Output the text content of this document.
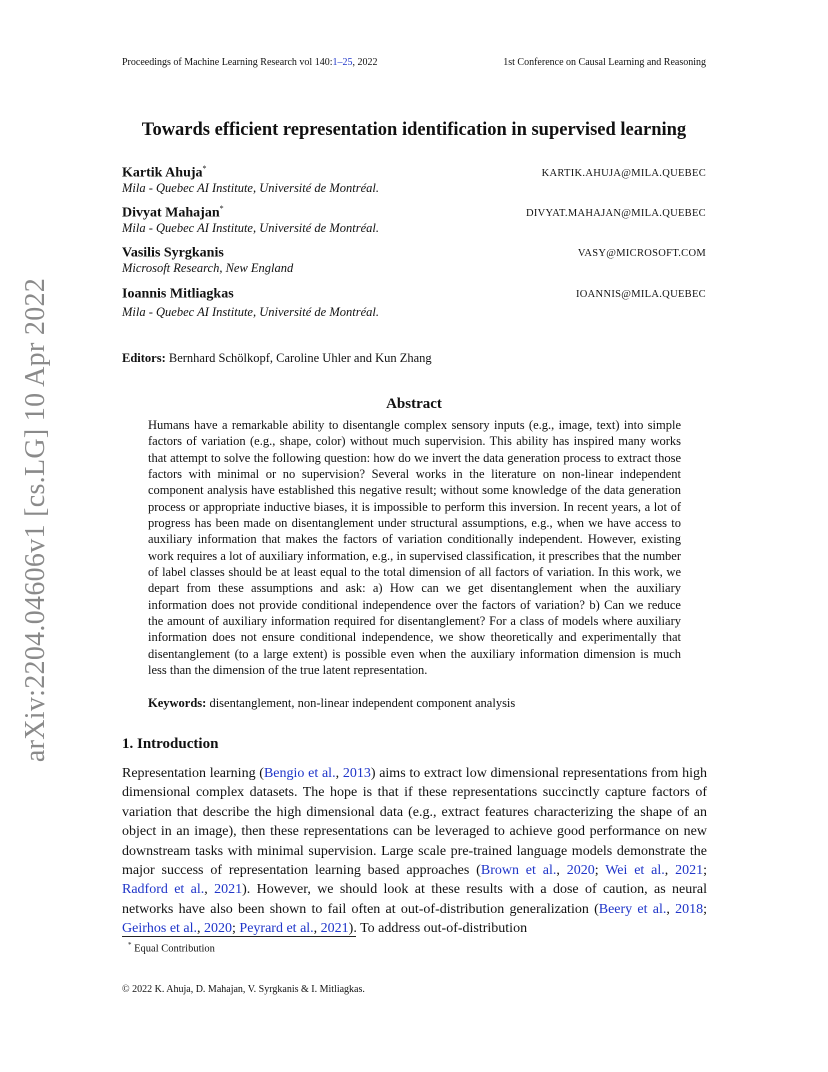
Proceedings of Machine Learning Research vol 140:1–25, 2022	1st Conference on Causal Learning and Reasoning
arXiv:2204.04606v1 [cs.LG] 10 Apr 2022
Towards efficient representation identification in supervised learning
Kartik Ahuja*
Mila - Quebec AI Institute, Université de Montréal.
KARTIK.AHUJA@MILA.QUEBEC
Divyat Mahajan*
Mila - Quebec AI Institute, Université de Montréal.
DIVYAT.MAHAJAN@MILA.QUEBEC
Vasilis Syrgkanis
Microsoft Research, New England
VASY@MICROSOFT.COM
Ioannis Mitliagkas
Mila - Quebec AI Institute, Université de Montréal.
IOANNIS@MILA.QUEBEC
Editors: Bernhard Schölkopf, Caroline Uhler and Kun Zhang
Abstract
Humans have a remarkable ability to disentangle complex sensory inputs (e.g., image, text) into simple factors of variation (e.g., shape, color) without much supervision. This ability has inspired many works that attempt to solve the following question: how do we invert the data generation process to extract those factors with minimal or no supervision? Several works in the literature on non-linear independent component analysis have established this negative result; without some knowledge of the data generation process or appropriate inductive biases, it is impossible to perform this inversion. In recent years, a lot of progress has been made on disentanglement under structural assumptions, e.g., when we have access to auxiliary information that makes the factors of variation conditionally independent. However, existing work requires a lot of auxiliary information, e.g., in supervised classification, it prescribes that the number of label classes should be at least equal to the total dimension of all factors of variation. In this work, we depart from these assumptions and ask: a) How can we get disentanglement when the auxiliary information does not provide conditional independence over the factors of variation? b) Can we reduce the amount of auxiliary information required for disentanglement? For a class of models where auxiliary information does not ensure conditional independence, we show theoretically and experimentally that disentanglement (to a large extent) is possible even when the auxiliary information dimension is much less than the dimension of the true latent representation.
Keywords: disentanglement, non-linear independent component analysis
1. Introduction
Representation learning (Bengio et al., 2013) aims to extract low dimensional representations from high dimensional complex datasets. The hope is that if these representations succinctly capture factors of variation that describe the high dimensional data (e.g., extract features characterizing the shape of an object in an image), then these representations can be leveraged to achieve good performance on new downstream tasks with minimal supervision. Large scale pre-trained language models demonstrate the major success of representation learning based approaches (Brown et al., 2020; Wei et al., 2021; Radford et al., 2021). However, we should look at these results with a dose of caution, as neural networks have also been shown to fail often at out-of-distribution generalization (Beery et al., 2018; Geirhos et al., 2020; Peyrard et al., 2021). To address out-of-distribution
* Equal Contribution
© 2022 K. Ahuja, D. Mahajan, V. Syrgkanis & I. Mitliagkas.
